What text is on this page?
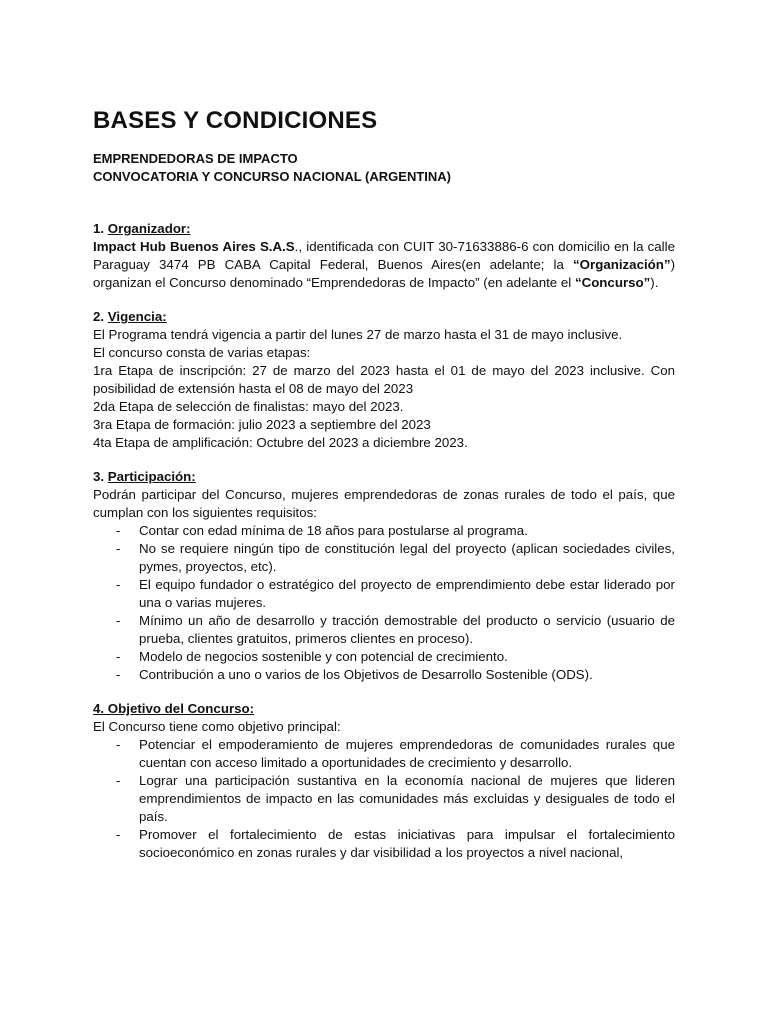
BASES Y CONDICIONES
EMPRENDEDORAS DE IMPACTO
CONVOCATORIA Y CONCURSO NACIONAL (ARGENTINA)
1. Organizador:

Impact Hub Buenos Aires S.A.S., identificada con CUIT 30-71633886-6 con domicilio en la calle Paraguay 3474 PB CABA Capital Federal, Buenos Aires(en adelante; la “Organización”) organizan el Concurso denominado “Emprendedoras de Impacto” (en adelante el “Concurso”).

2. Vigencia:

El Programa tendrá vigencia a partir del lunes 27 de marzo hasta el 31 de mayo inclusive.

El concurso consta de varias etapas:

1ra Etapa de inscripción: 27 de marzo del 2023 hasta el 01 de mayo del 2023 inclusive. Con posibilidad de extensión hasta el 08 de mayo del 2023

2da Etapa de selección de finalistas: mayo del 2023.

3ra Etapa de formación: julio 2023 a septiembre del 2023

4ta Etapa de amplificación: Octubre del 2023 a diciembre 2023.

3. Participación:

Podrán participar del Concurso, mujeres emprendedoras de zonas rurales de todo el país, que cumplan con los siguientes requisitos:

- Contar con edad mínima de 18 años para postularse al programa.
- No se requiere ningún tipo de constitución legal del proyecto (aplican sociedades civiles, pymes, proyectos, etc).
- El equipo fundador o estratégico del proyecto de emprendimiento debe estar liderado por una o varias mujeres.
- Mínimo un año de desarrollo y tracción demostrable del producto o servicio (usuario de prueba, clientes gratuitos, primeros clientes en proceso).
- Modelo de negocios sostenible y con potencial de crecimiento.
- Contribución a uno o varios de los Objetivos de Desarrollo Sostenible (ODS).
4. Objetivo del Concurso:

El Concurso tiene como objetivo principal:

- Potenciar el empoderamiento de mujeres emprendedoras de comunidades rurales que cuentan con acceso limitado a oportunidades de crecimiento y desarrollo.
- Lograr una participación sustantiva en la economía nacional de mujeres que lideren emprendimientos de impacto en las comunidades más excluidas y desiguales de todo el país.
- Promover el fortalecimiento de estas iniciativas para impulsar el fortalecimiento socioeconómico en zonas rurales y dar visibilidad a los proyectos a nivel nacional,
